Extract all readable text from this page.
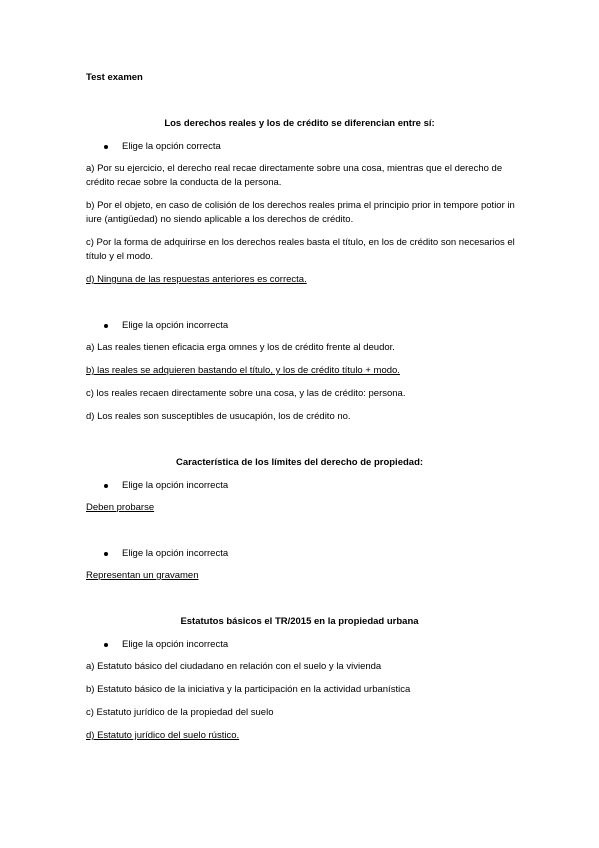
Test examen
Los derechos reales y los de crédito se diferencian entre sí:
Elige la opción correcta
a) Por su ejercicio, el derecho real recae directamente sobre una cosa, mientras que el derecho de crédito recae sobre la conducta de la persona.
b) Por el objeto, en caso de colisión de los derechos reales prima el principio prior in tempore potior in iure (antigüedad) no siendo aplicable a los derechos de crédito.
c) Por la forma de adquirirse en los derechos reales basta el título, en los de crédito son necesarios el título y el modo.
d) Ninguna de las respuestas anteriores es correcta.
Elige la opción incorrecta
a) Las reales tienen eficacia erga omnes y los de crédito frente al deudor.
b) las reales se adquieren bastando el título, y los de crédito título + modo.
c) los reales recaen directamente sobre una cosa, y las de crédito: persona.
d) Los reales son susceptibles de usucapión, los de crédito no.
Característica de los límites del derecho de propiedad:
Elige la opción incorrecta
Deben probarse
Elige la opción incorrecta
Representan un gravamen
Estatutos básicos el TR/2015 en la propiedad urbana
Elige la opción incorrecta
a) Estatuto básico del ciudadano en relación con el suelo y la vivienda
b) Estatuto básico de la iniciativa y la participación en la actividad urbanística
c) Estatuto jurídico de la propiedad del suelo
d) Estatuto jurídico del suelo rústico.
